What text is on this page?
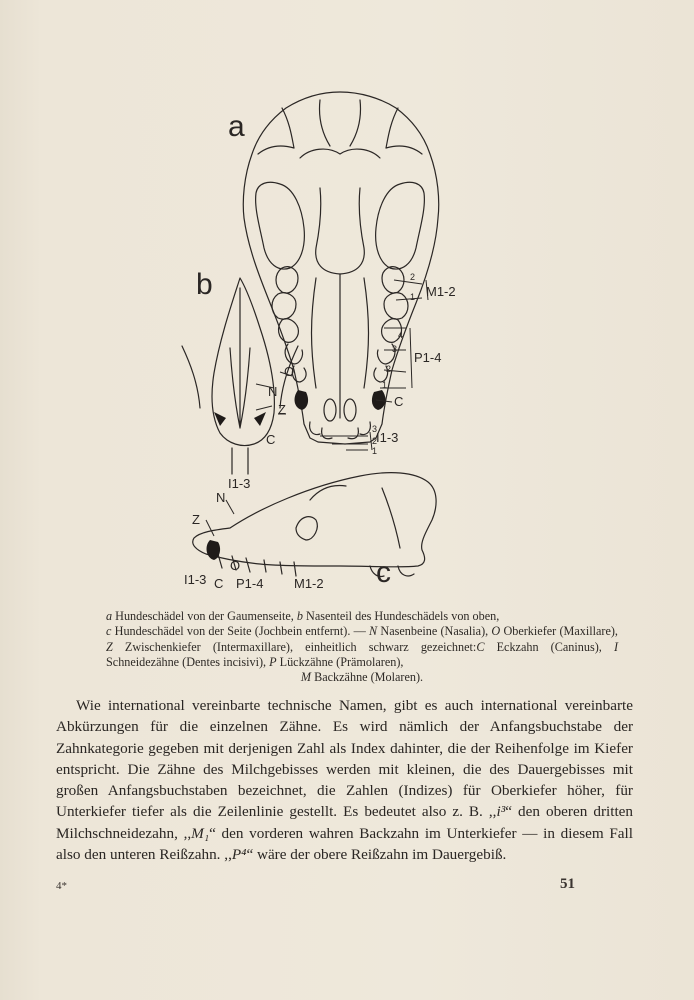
a
b
c
M1-2
P1-4
O
Z
C
I1-3
2
1
4
3
2
1
3
2
1
N
C
I1-3
N
Z
O
I1-3 C P1-4 M1-2
a Hundeschädel von der Gaumenseite, b Nasenteil des Hundeschädels von oben,
c Hundeschädel von der Seite (Jochbein entfernt). — N Nasenbeine (Nasalia), O Oberkiefer (Maxillare), Z Zwischenkiefer (Intermaxillare), einheitlich schwarz gezeichnet:C Eckzahn (Caninus), I Schneidezähne (Dentes incisivi), P Lückzähne (Prämolaren),
M Backzähne (Molaren).

Wie international vereinbarte technische Namen, gibt es auch international vereinbarte Abkürzungen für die einzelnen Zähne. Es wird nämlich der Anfangsbuchstabe der Zahnkategorie gegeben mit derjenigen Zahl als Index dahinter, die der Reihenfolge im Kiefer entspricht. Die Zähne des Milchgebisses werden mit kleinen, die des Dauergebisses mit großen Anfangsbuchstaben bezeichnet, die Zahlen (Indizes) für Oberkiefer höher, für Unterkiefer tiefer als die Zeilenlinie gestellt. Es bedeutet also z. B. ,,i³“ den oberen dritten Milchschneidezahn, ,,M₁“ den vorderen wahren Backzahn im Unterkiefer — in diesem Fall also den unteren Reißzahn. ,,P⁴“ wäre der obere Reißzahn im Dauergebiß.

4*	51
